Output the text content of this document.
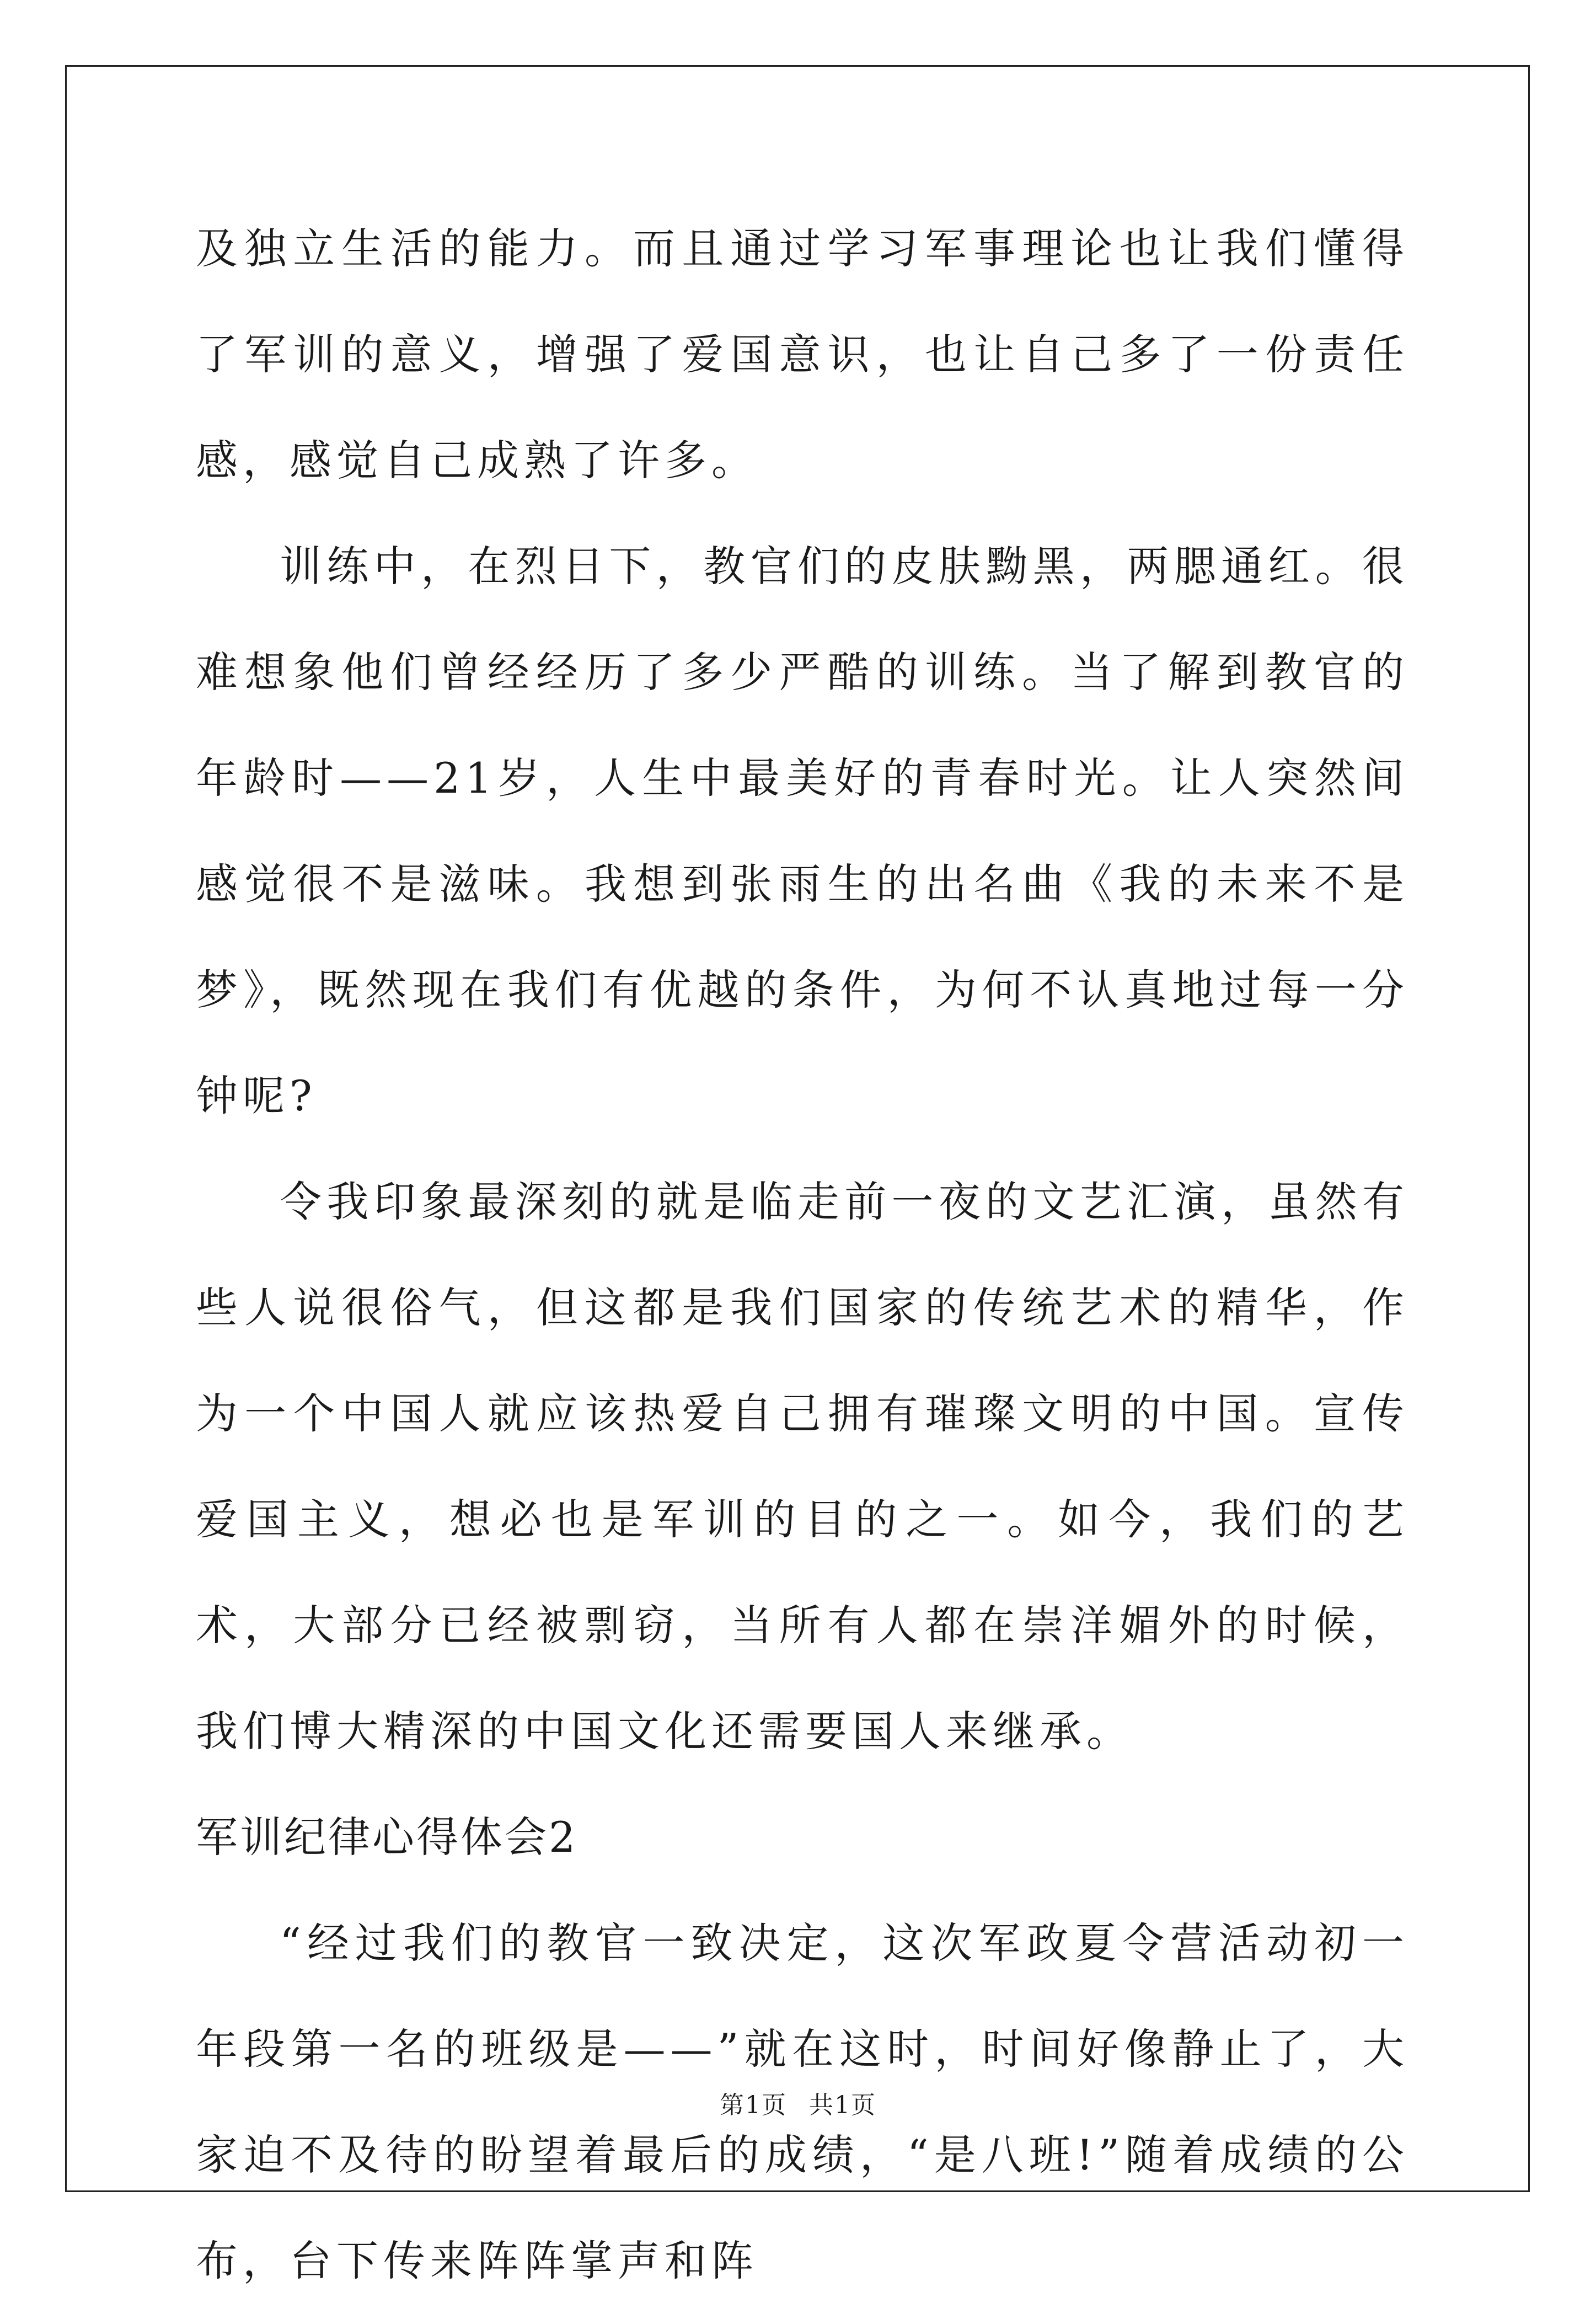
及独立生活的能力。而且通过学习军事理论也让我们懂得了军训的意义，增强了爱国意识，也让自己多了一份责任感，感觉自己成熟了许多。

训练中，在烈日下，教官们的皮肤黝黑，两腮通红。很难想象他们曾经经历了多少严酷的训练。当了解到教官的年龄时——21岁，人生中最美好的青春时光。让人突然间感觉很不是滋味。我想到张雨生的出名曲《我的未来不是梦》，既然现在我们有优越的条件，为何不认真地过每一分钟呢?

令我印象最深刻的就是临走前一夜的文艺汇演，虽然有些人说很俗气，但这都是我们国家的传统艺术的精华，作为一个中国人就应该热爱自己拥有璀璨文明的中国。宣传爱国主义，想必也是军训的目的之一。如今，我们的艺术，大部分已经被剽窃，当所有人都在崇洋媚外的时候，我们博大精深的中国文化还需要国人来继承。

军训纪律心得体会2

“经过我们的教官一致决定，这次军政夏令营活动初一年段第一名的班级是——”就在这时，时间好像静止了，大家迫不及待的盼望着最后的成绩，“是八班!”随着成绩的公布，台下传来阵阵掌声和阵

第1页 共1页
